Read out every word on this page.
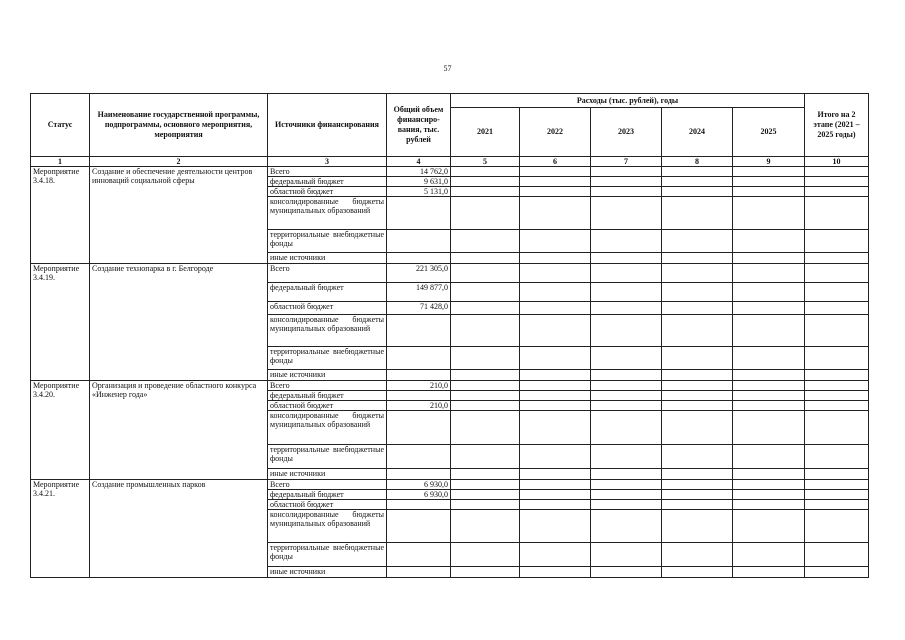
57
Статус	Наименование государственной программы, подпрограммы, основного мероприятия, мероприятия	Источники финансирования	Общий объем финансиро-вания, тыс. рублей	Расходы (тыс. рублей), годы					Итого на 2 этапе (2021 – 2025 годы)
				2021	2022	2023	2024	2025	
1	2	3	4	5	6	7	8	9	10
Мероприятие 3.4.18.	Создание и обеспечение деятельности центров инноваций социальной сферы	Всего	14 762,0						
		федеральный бюджет	9 631,0						
		областной бюджет	5 131,0						
		консолидированные бюджеты муниципальных образований							
		территориальные внебюджетные фонды							
		иные источники							
Мероприятие 3.4.19.	Создание технопарка в г. Белгороде	Всего	221 305,0						
		федеральный бюджет	149 877,0						
		областной бюджет	71 428,0						
		консолидированные бюджеты муниципальных образований							
		территориальные внебюджетные фонды							
		иные источники							
Мероприятие 3.4.20.	Организация и проведение областного конкурса «Инженер года»	Всего	210,0						
		федеральный бюджет							
		областной бюджет	210,0						
		консолидированные бюджеты муниципальных образований							
		территориальные внебюджетные фонды							
		иные источники							
Мероприятие 3.4.21.	Создание промышленных парков	Всего	6 930,0						
		федеральный бюджет	6 930,0						
		областной бюджет							
		консолидированные бюджеты муниципальных образований							
		территориальные внебюджетные фонды							
		иные источники							
